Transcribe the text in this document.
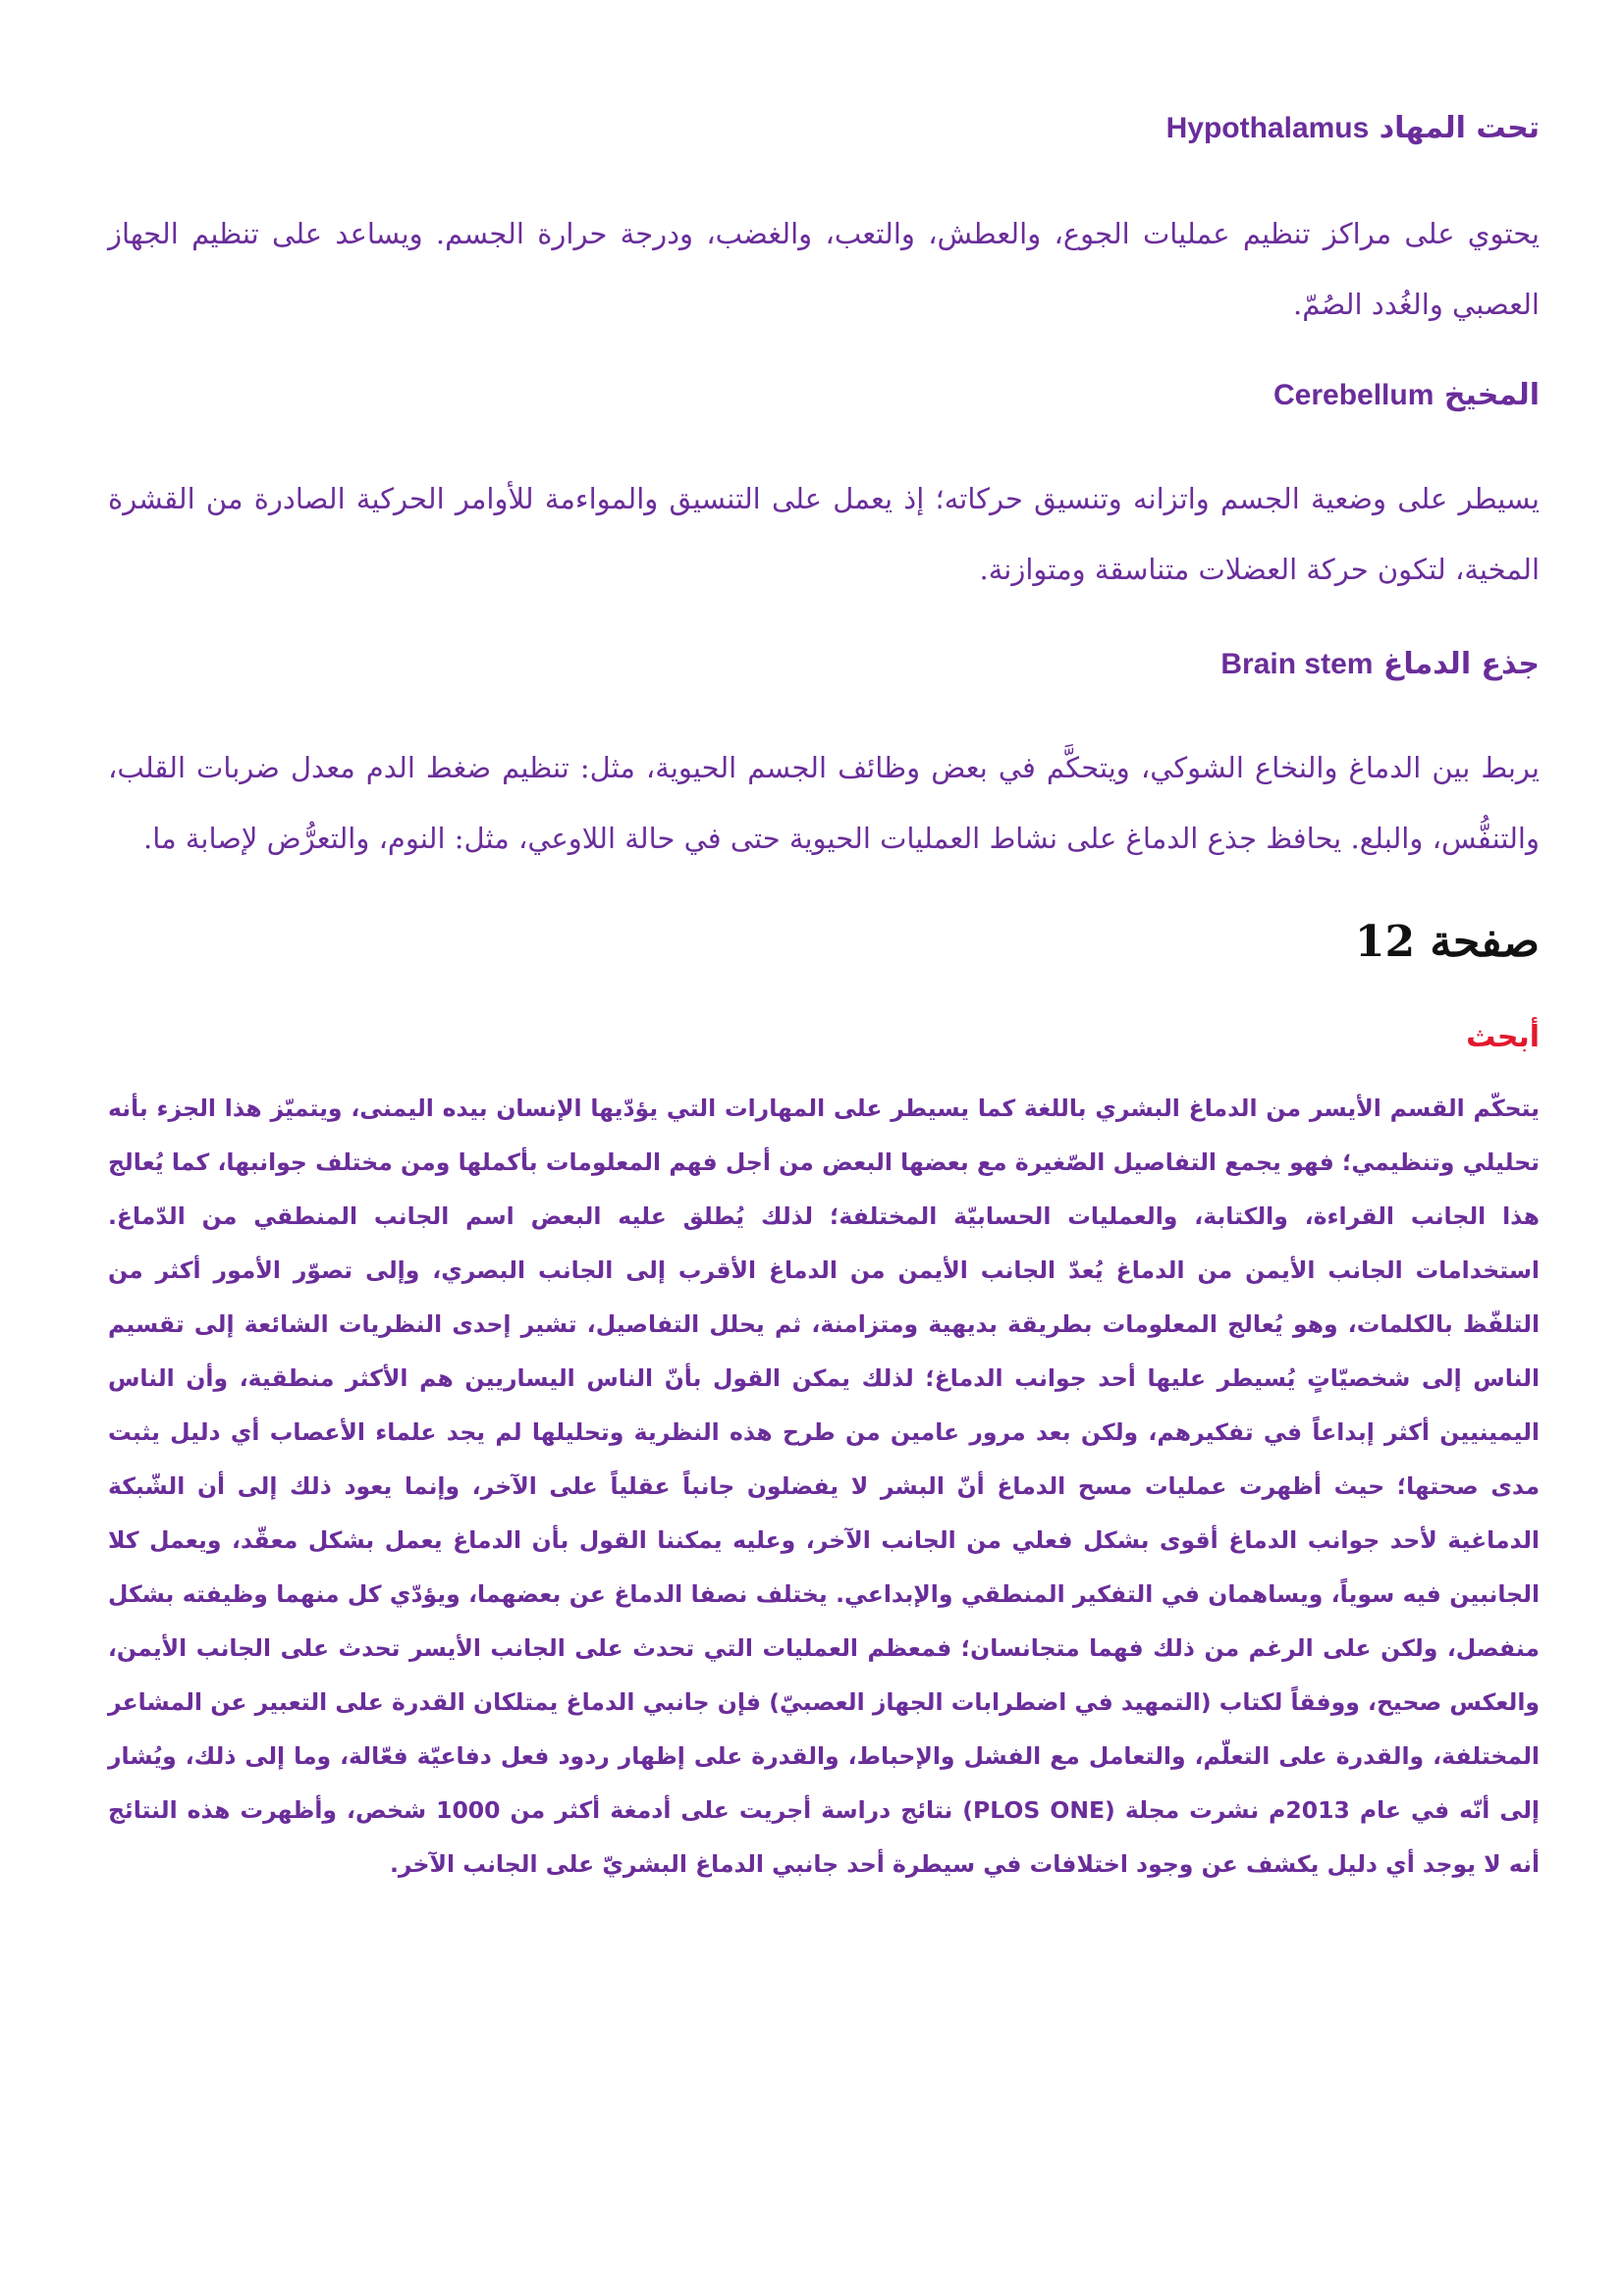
تحت المهاد Hypothalamus

يحتوي على مراكز تنظيم عمليات الجوع، والعطش، والتعب، والغضب، ودرجة حرارة الجسم. ويساعد على تنظيم الجهاز العصبي والغُدد الصُمّ.

المخيخ Cerebellum

يسيطر على وضعية الجسم واتزانه وتنسيق حركاته؛ إذ يعمل على التنسيق والمواءمة للأوامر الحركية الصادرة من القشرة المخية، لتكون حركة العضلات متناسقة ومتوازنة.

جذع الدماغ Brain stem

يربط بين الدماغ والنخاع الشوكي، ويتحكَّم في بعض وظائف الجسم الحيوية، مثل: تنظيم ضغط الدم معدل ضربات القلب، والتنفُّس، والبلع. يحافظ جذع الدماغ على نشاط العمليات الحيوية حتى في حالة اللاوعي، مثل: النوم، والتعرُّض لإصابة ما.

صفحة 12
أبحث

يتحكّم القسم الأيسر من الدماغ البشري باللغة كما يسيطر على المهارات التي يؤدّيها الإنسان بيده اليمنى، ويتميّز هذا الجزء بأنه تحليلي وتنظيمي؛ فهو يجمع التفاصيل الصّغيرة مع بعضها البعض من أجل فهم المعلومات بأكملها ومن مختلف جوانبها، كما يُعالج هذا الجانب القراءة، والكتابة، والعمليات الحسابيّة المختلفة؛ لذلك يُطلق عليه البعض اسم الجانب المنطقي من الدّماغ. استخدامات الجانب الأيمن من الدماغ يُعدّ الجانب الأيمن من الدماغ الأقرب إلى الجانب البصري، وإلى تصوّر الأمور أكثر من التلفّظ بالكلمات، وهو يُعالج المعلومات بطريقة بديهية ومتزامنة، ثم يحلل التفاصيل، تشير إحدى النظريات الشائعة إلى تقسيم الناس إلى شخصيّاتٍ يُسيطر عليها أحد جوانب الدماغ؛ لذلك يمكن القول بأنّ الناس اليساريين هم الأكثر منطقية، وأن الناس اليمينيين أكثر إبداعاً في تفكيرهم، ولكن بعد مرور عامين من طرح هذه النظرية وتحليلها لم يجد علماء الأعصاب أي دليل يثبت مدى صحتها؛ حيث أظهرت عمليات مسح الدماغ أنّ البشر لا يفضلون جانباً عقلياً على الآخر، وإنما يعود ذلك إلى أن الشّبكة الدماغية لأحد جوانب الدماغ أقوى بشكل فعلي من الجانب الآخر، وعليه يمكننا القول بأن الدماغ يعمل بشكل معقّد، ويعمل كلا الجانبين فيه سوياً، ويساهمان في التفكير المنطقي والإبداعي. يختلف نصفا الدماغ عن بعضهما، ويؤدّي كل منهما وظيفته بشكل منفصل، ولكن على الرغم من ذلك فهما متجانسان؛ فمعظم العمليات التي تحدث على الجانب الأيسر تحدث على الجانب الأيمن، والعكس صحيح، ووفقاً لكتاب (التمهيد في اضطرابات الجهاز العصبيّ) فإن جانبي الدماغ يمتلكان القدرة على التعبير عن المشاعر المختلفة، والقدرة على التعلّم، والتعامل مع الفشل والإحباط، والقدرة على إظهار ردود فعل دفاعيّة فعّالة، وما إلى ذلك، ويُشار إلى أنّه في عام 2013م نشرت مجلة (PLOS ONE) نتائج دراسة أجريت على أدمغة أكثر من 1000 شخص، وأظهرت هذه النتائج أنه لا يوجد أي دليل يكشف عن وجود اختلافات في سيطرة أحد جانبي الدماغ البشريّ على الجانب الآخر.
